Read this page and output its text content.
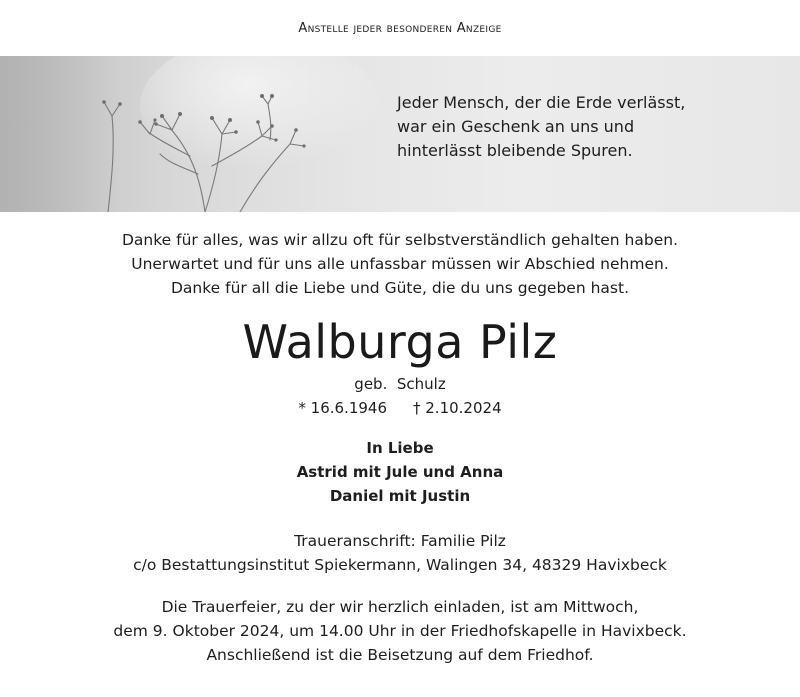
Anstelle jeder besonderen Anzeige
Jeder Mensch, der die Erde verlässt,
war ein Geschenk an uns und
hinterlässt bleibende Spuren.
Danke für alles, was wir allzu oft für selbstverständlich gehalten haben.
Unerwartet und für uns alle unfassbar müssen wir Abschied nehmen.
Danke für all die Liebe und Güte, die du uns gegeben hast.
Walburga Pilz
geb.  Schulz
* 16.6.1946 † 2.10.2024
In Liebe
Astrid mit Jule und Anna
Daniel mit Justin
Traueranschrift: Familie Pilz
c/o Bestattungsinstitut Spiekermann, Walingen 34, 48329 Havixbeck
Die Trauerfeier, zu der wir herzlich einladen, ist am Mittwoch,
dem 9. Oktober 2024, um 14.00 Uhr in der Friedhofskapelle in Havixbeck.
Anschließend ist die Beisetzung auf dem Friedhof.
